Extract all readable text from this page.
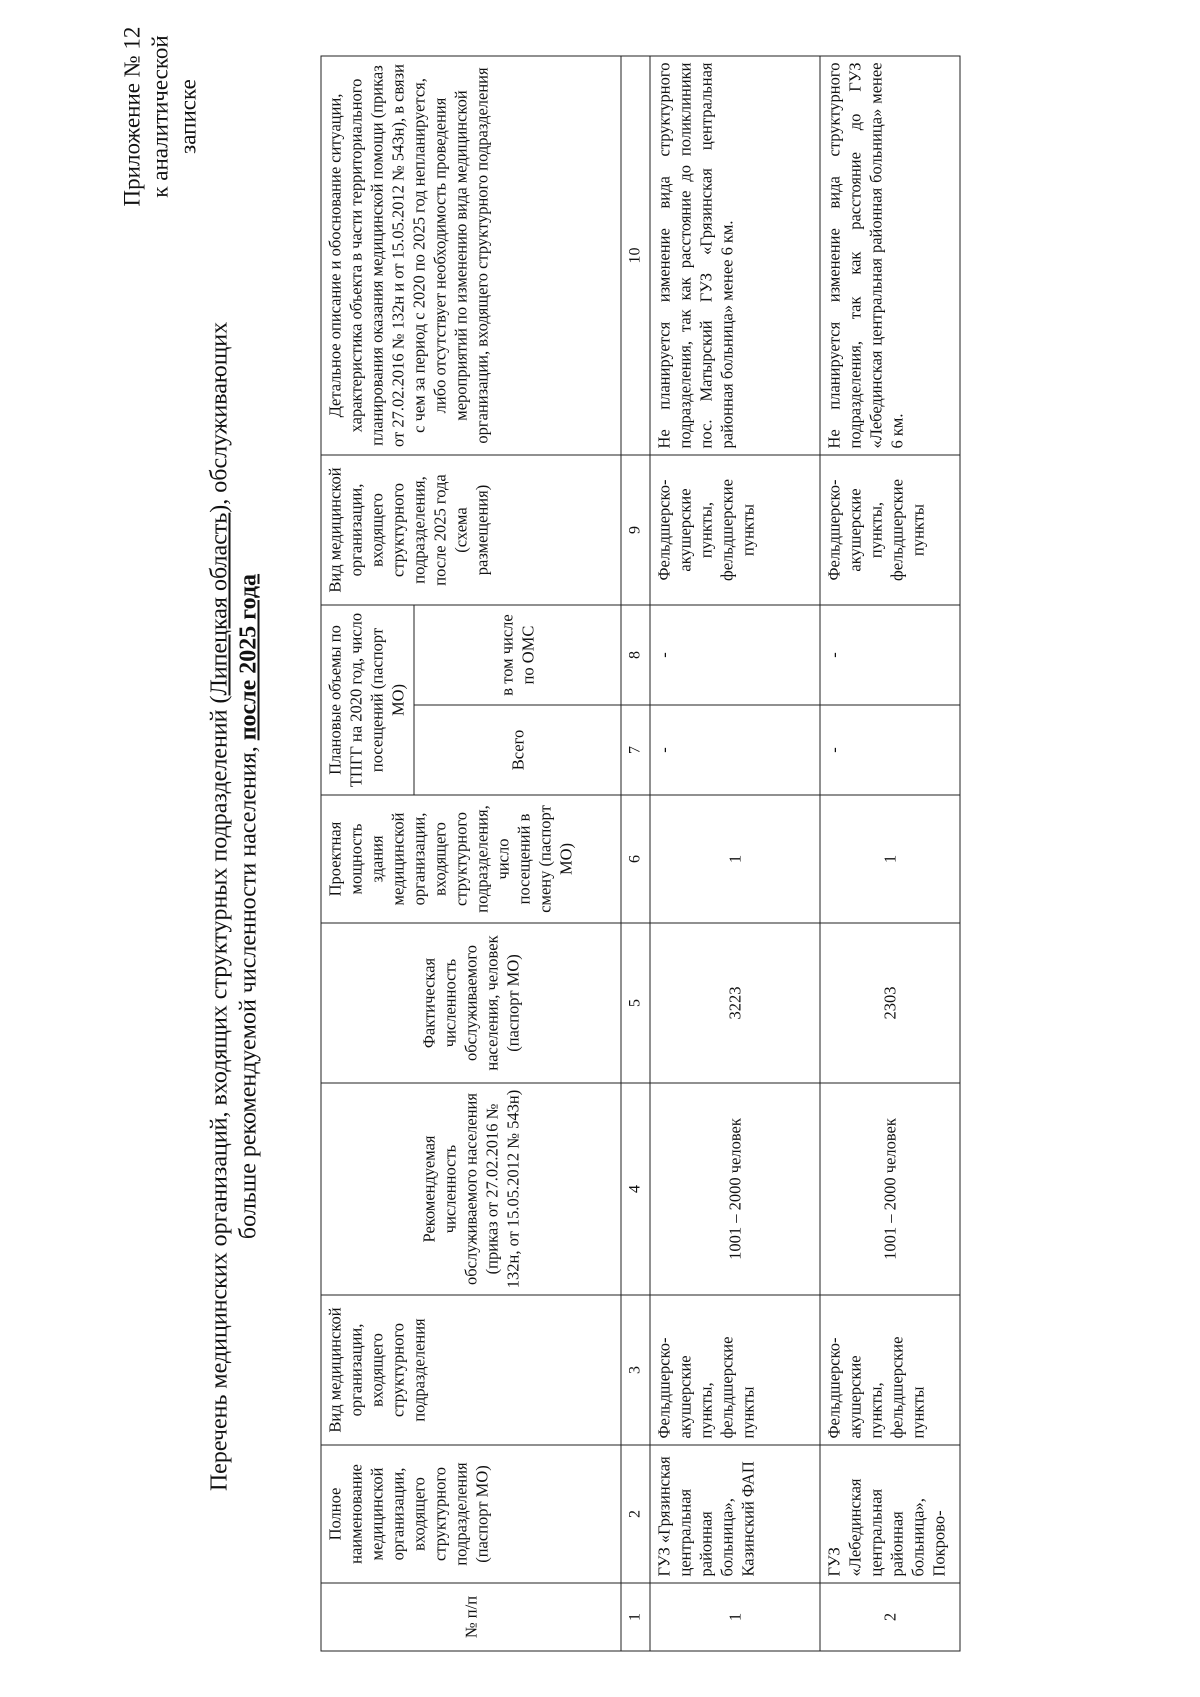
Приложение № 12 к аналитической записке
Перечень медицинских организаций, входящих структурных подразделений (Липецкая область), обслуживающих
больше рекомендуемой численности населения, после 2025 года
№ п/п	Полное наименование медицинской организации, входящего структурного подразделения (паспорт МО)	Вид медицинской организации, входящего структурного подразделения	Рекомендуемая численность обслуживаемого населения (приказ от 27.02.2016 № 132н, от 15.05.2012 № 543н)	Фактическая численность обслуживаемого населения, человек (паспорт МО)	Проектная мощность здания медицинской организации, входящего структурного подразделения, число посещений в смену (паспорт МО)	Плановые объемы по ТПГГ на 2020 год, число посещений (паспорт МО)		Вид медицинской организации, входящего структурного подразделения, после 2025 года (схема размещения)	Детальное описание и обоснование ситуации, характеристика объекта в части территориального планирования оказания медицинской помощи (приказ от 27.02.2016 № 132н и от 15.05.2012 № 543н), в связи с чем за период с 2020 по 2025 год непланируется, либо отсутствует необходимость проведения мероприятий по изменению вида медицинской организации, входящего структурного подразделения
						Всего	в том числе по ОМС		
1	2	3	4	5	6	7	8	9	10
1	ГУЗ «Грязинская центральная районная больница», Казинский ФАП	Фельдшерско-акушерские пункты, фельдшерские пункты	1001 – 2000 человек	3223	1	-	-	Фельдшерско-акушерские пункты, фельдшерские пункты	Не планируется изменение вида структурного подразделения, так как расстояние до поликлиники пос. Матырский ГУЗ «Грязинская центральная районная больница» менее 6 км.
2	ГУЗ «Лебединская центральная районная больница», Покрово-	Фельдшерско-акушерские пункты, фельдшерские пункты	1001 – 2000 человек	2303	1	-	-	Фельдшерско-акушерские пункты, фельдшерские пункты	Не планируется изменение вида структурного подразделения, так как расстояние до ГУЗ «Лебединская центральная районная больница» менее 6 км.
